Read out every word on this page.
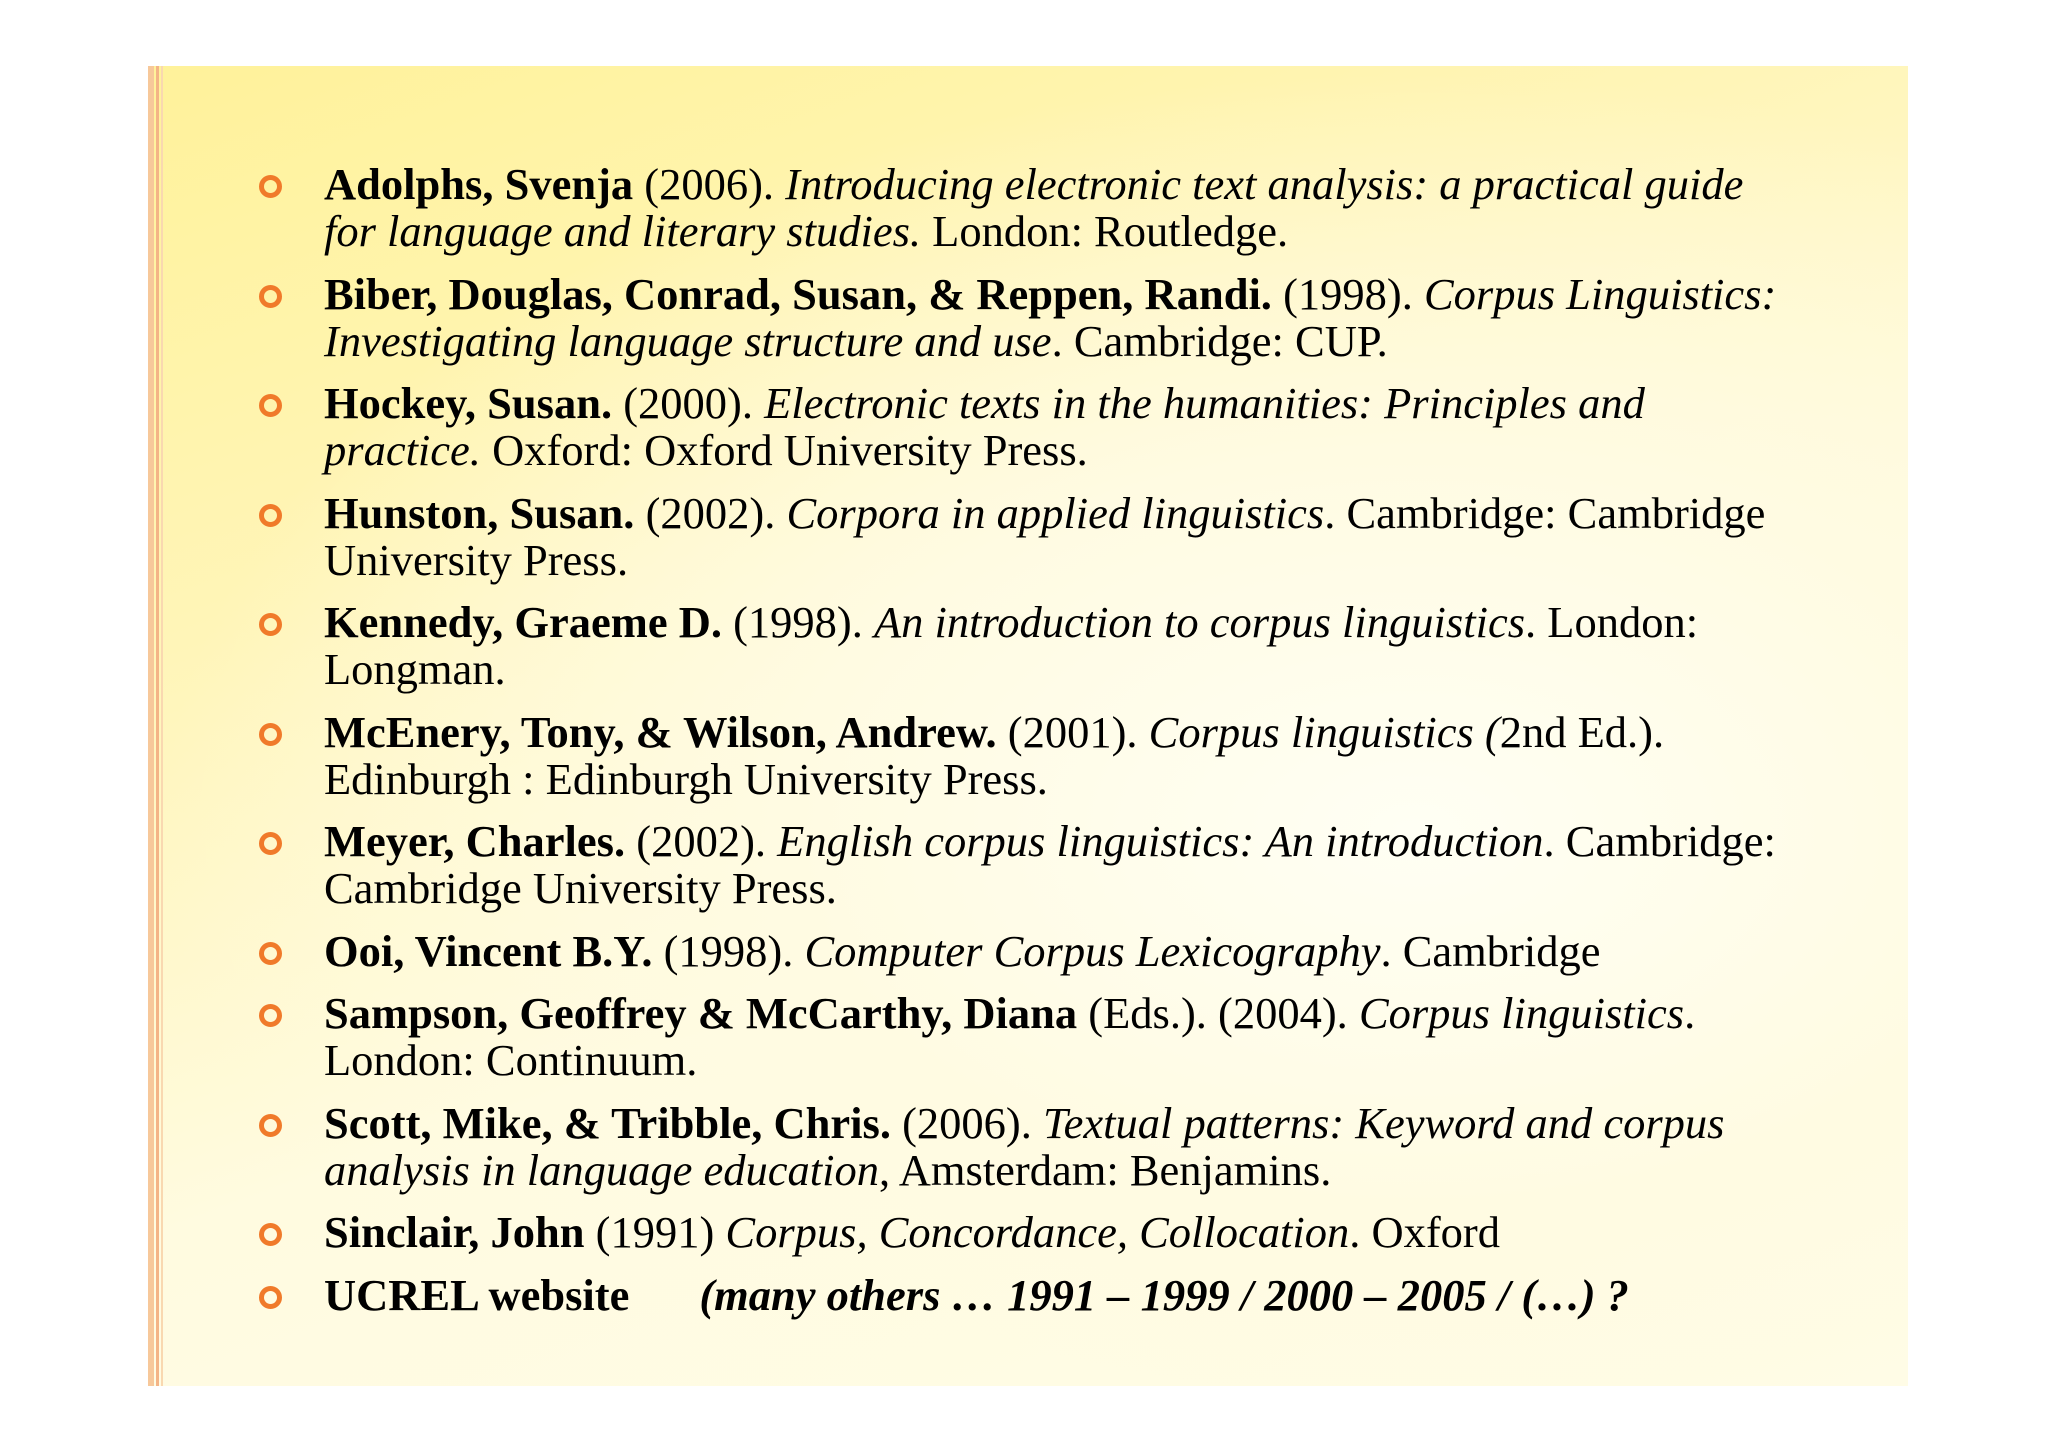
Adolphs, Svenja (2006). Introducing electronic text analysis: a practical guide for language and literary studies. London: Routledge.
Biber, Douglas, Conrad, Susan, & Reppen, Randi. (1998). Corpus Linguistics: Investigating language structure and use. Cambridge: CUP.
Hockey, Susan. (2000). Electronic texts in the humanities: Principles and practice. Oxford: Oxford University Press.
Hunston, Susan. (2002). Corpora in applied linguistics. Cambridge: Cambridge University Press.
Kennedy, Graeme D. (1998). An introduction to corpus linguistics. London: Longman.
McEnery, Tony, & Wilson, Andrew. (2001). Corpus linguistics (2nd Ed.). Edinburgh : Edinburgh University Press.
Meyer, Charles. (2002). English corpus linguistics: An introduction. Cambridge: Cambridge University Press.
Ooi, Vincent B.Y. (1998). Computer Corpus Lexicography. Cambridge
Sampson, Geoffrey & McCarthy, Diana (Eds.). (2004). Corpus linguistics. London: Continuum.
Scott, Mike, & Tribble, Chris. (2006). Textual patterns: Keyword and corpus analysis in language education, Amsterdam: Benjamins.
Sinclair, John (1991) Corpus, Concordance, Collocation. Oxford
UCREL website (many others … 1991 – 1999 / 2000 – 2005 / (…) ?
